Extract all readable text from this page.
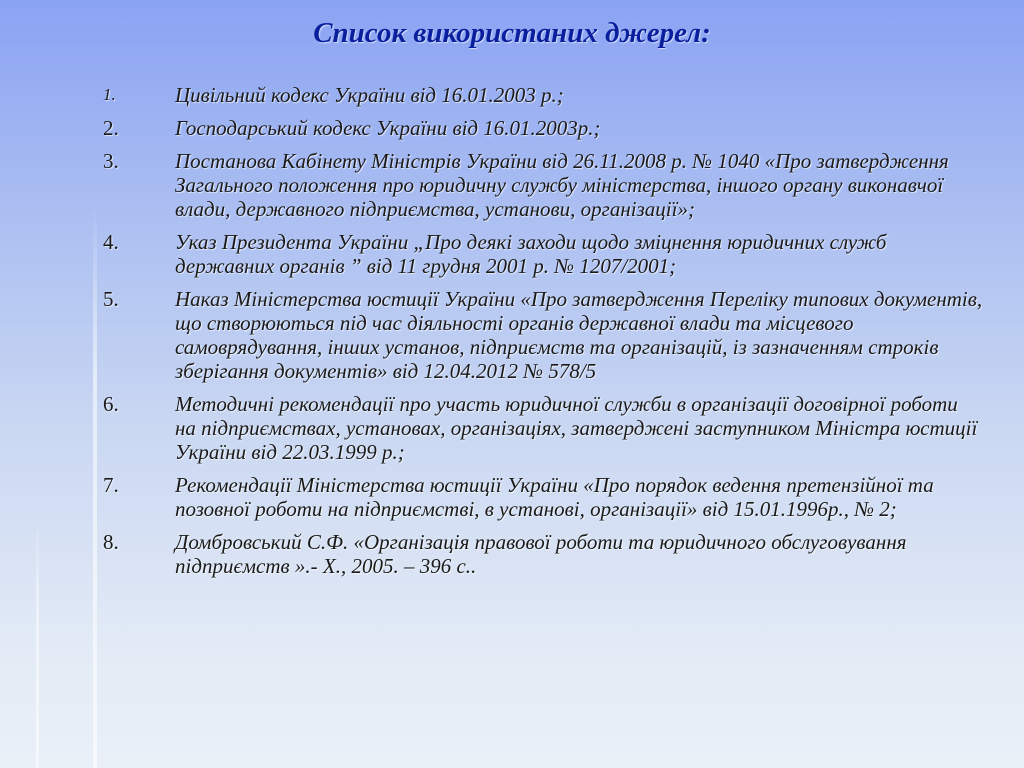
Список використаних джерел:
1.	Цивільний кодекс України від 16.01.2003 р.;
2.	Господарський кодекс України від 16.01.2003р.;
3.	Постанова Кабінету Міністрів України від 26.11.2008 р. № 1040 «Про затвердження Загального положення про юридичну службу міністерства, іншого органу виконавчої влади, державного підприємства, установи, організації»;
4.	Указ Президента України „Про деякі заходи щодо зміцнення юридичних служб державних органів ” від 11 грудня 2001 р. № 1207/2001;
5.	Наказ Міністерства юстиції України «Про затвердження Переліку типових документів, що створюються під час діяльності органів державної влади та місцевого самоврядування, інших установ, підприємств та організацій, із зазначенням строків зберігання документів» від 12.04.2012 № 578/5
6.	Методичні рекомендації про участь юридичної служби в організації договірної роботи на підприємствах, установах, організаціях, затверджені заступником Міністра юстиції України від 22.03.1999 р.;
7.	Рекомендації Міністерства юстиції України «Про порядок ведення претензійної та позовної роботи на підприємстві, в установі, організації» від 15.01.1996р., № 2;
8.	Домбровський С.Ф. «Організація правової роботи та юридичного обслуговування підприємств ».- Х., 2005. – 396 с..
